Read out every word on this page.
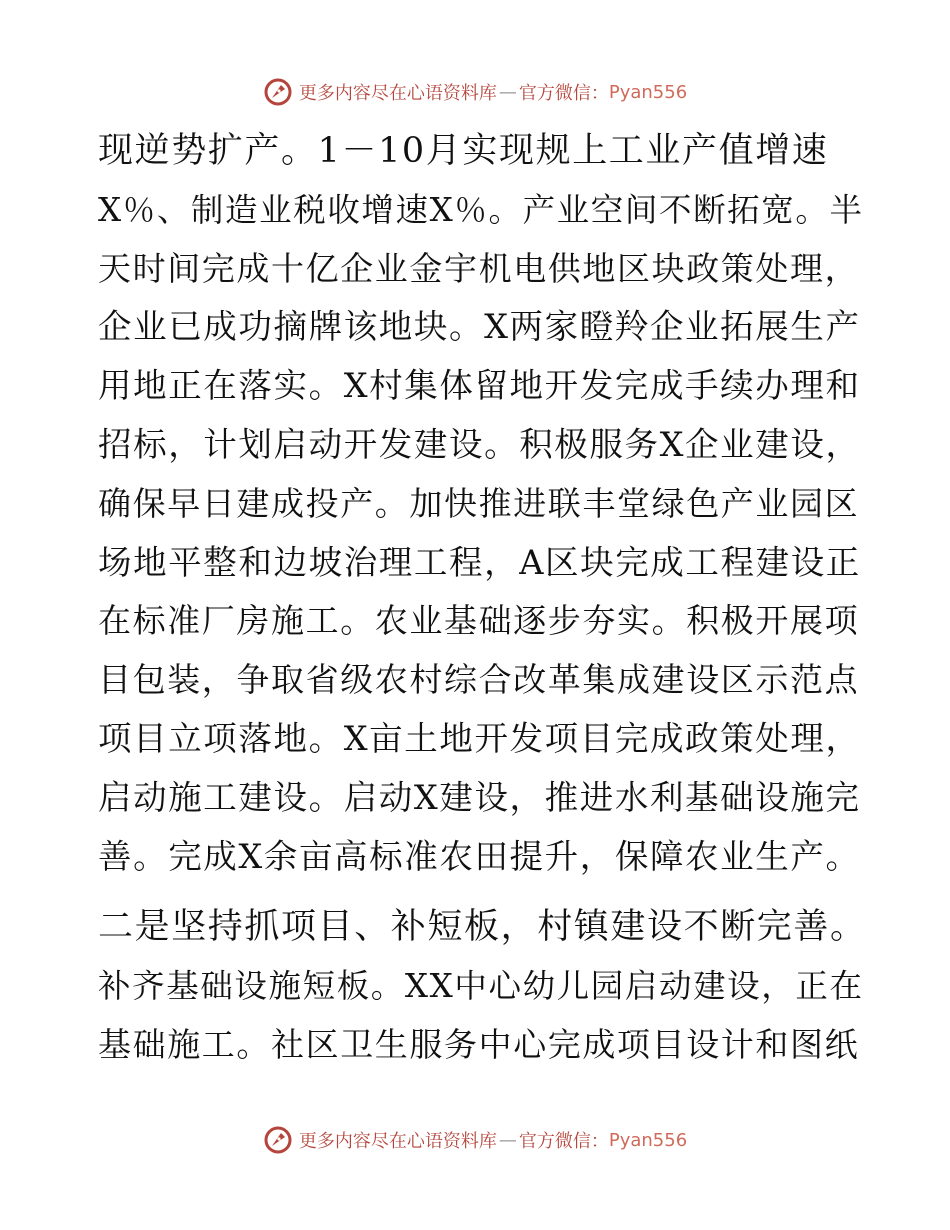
更多内容尽在心语资料库 — 官方微信： Pyan556
现逆势扩产。1－10月实现规上工业产值增速
X％、制造业税收增速X％。产业空间不断拓宽。半
天时间完成十亿企业金宇机电供地区块政策处理，
企业已成功摘牌该地块。X两家瞪羚企业拓展生产
用地正在落实。X村集体留地开发完成手续办理和
招标，计划启动开发建设。积极服务X企业建设，
确保早日建成投产。加快推进联丰堂绿色产业园区
场地平整和边坡治理工程，A区块完成工程建设正
在标准厂房施工。农业基础逐步夯实。积极开展项
目包装，争取省级农村综合改革集成建设区示范点
项目立项落地。X亩土地开发项目完成政策处理，
启动施工建设。启动X建设，推进水利基础设施完
善。完成X余亩高标准农田提升，保障农业生产。
二是坚持抓项目、补短板，村镇建设不断完善。
补齐基础设施短板。XX中心幼儿园启动建设，正在
基础施工。社区卫生服务中心完成项目设计和图纸
更多内容尽在心语资料库 — 官方微信： Pyan556
